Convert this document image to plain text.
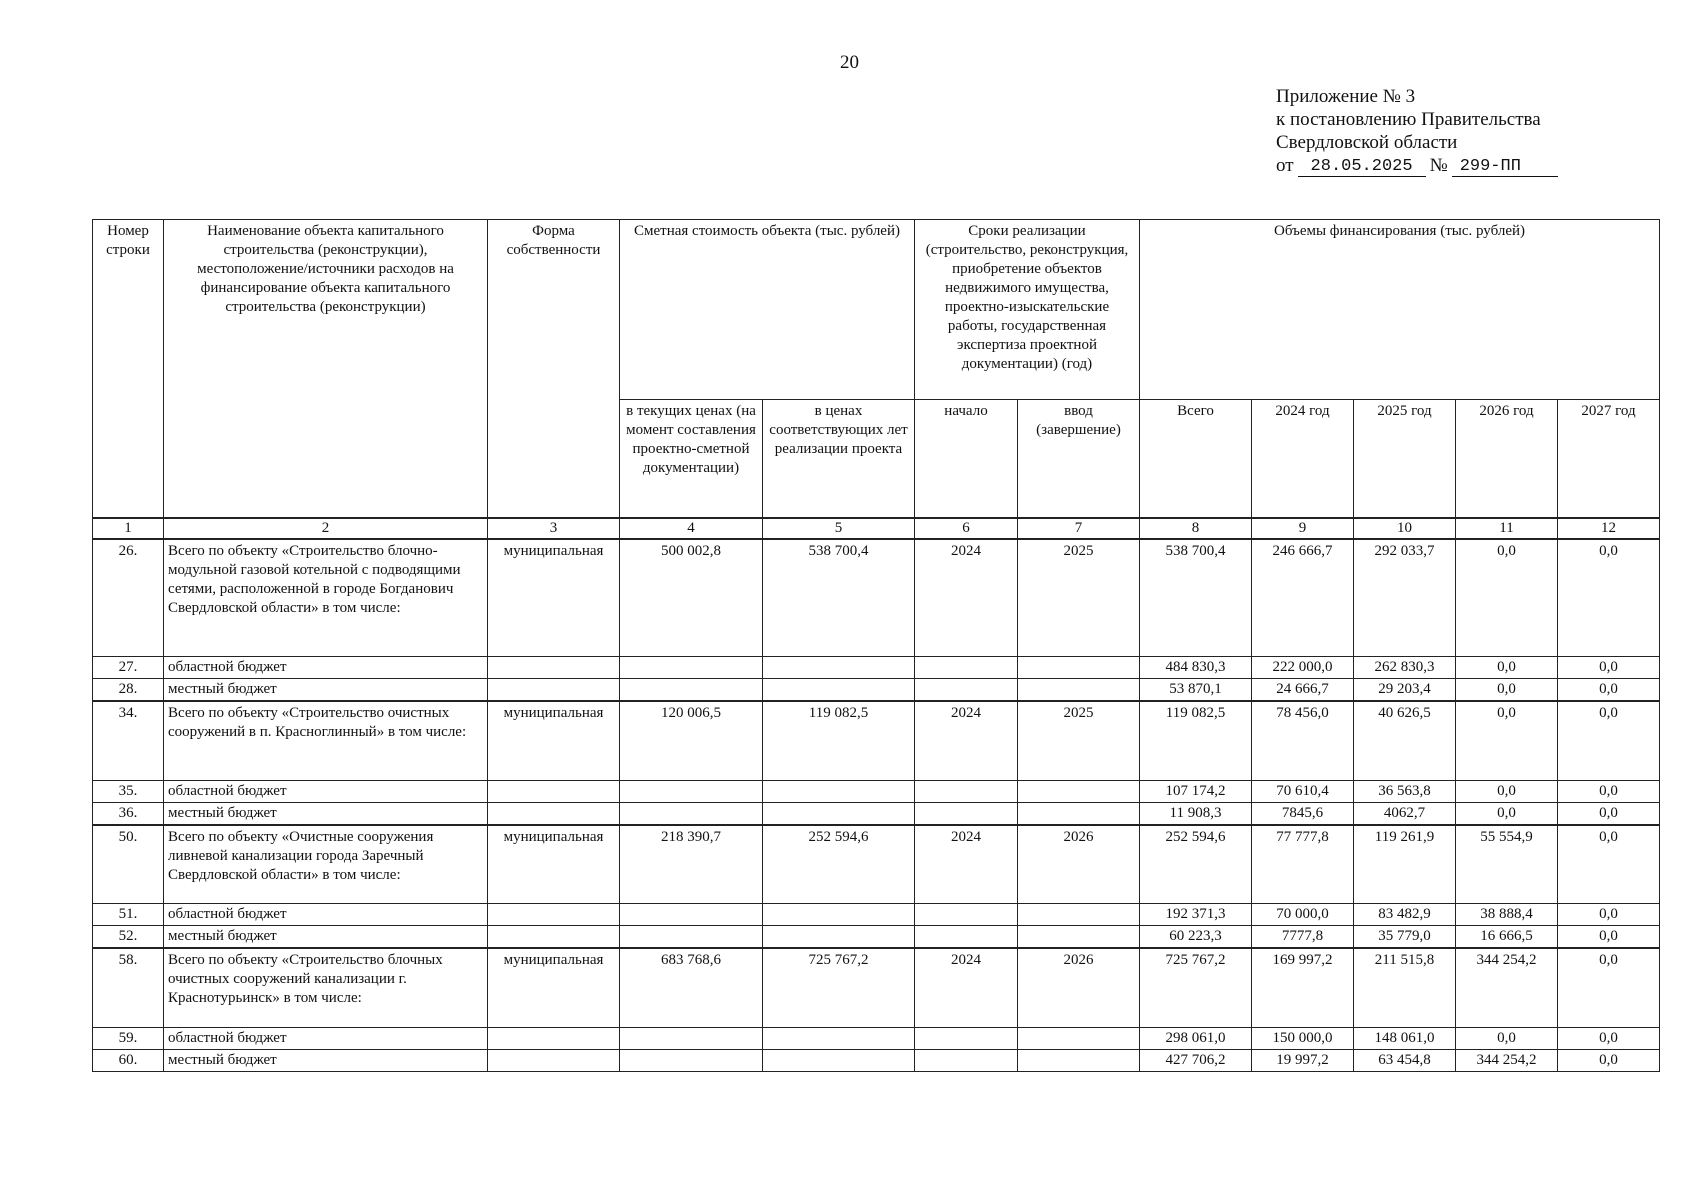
20
Приложение № 3
к постановлению Правительства
Свердловской области
от 28.05.2025 № 299-ПП
Номер строки	Наименование объекта капитального строительства (реконструкции), местоположение/источники расходов на финансирование объекта капитального строительства (реконструкции)	Форма собственности	Сметная стоимость объекта (тыс. рублей)		Сроки реализации (строительство, реконструкция, приобретение объектов недвижимого имущества, проектно-изыскательские работы, государственная экспертиза проектной документации) (год)		Объемы финансирования (тыс. рублей)				
			в текущих ценах (на момент составления проектно-сметной документации)	в ценах соответствующих лет реализации проекта	начало	ввод (завершение)	Всего	2024 год	2025 год	2026 год	2027 год
1	2	3	4	5	6	7	8	9	10	11	12
26.	Всего по объекту «Строительство блочно-модульной газовой котельной с подводящими сетями, расположенной в городе Богданович Свердловской области» в том числе:	муниципальная	500 002,8	538 700,4	2024	2025	538 700,4	246 666,7	292 033,7	0,0	0,0
27.	областной бюджет						484 830,3	222 000,0	262 830,3	0,0	0,0
28.	местный бюджет						53 870,1	24 666,7	29 203,4	0,0	0,0
34.	Всего по объекту «Строительство очистных сооружений в п. Красноглинный» в том числе:	муниципальная	120 006,5	119 082,5	2024	2025	119 082,5	78 456,0	40 626,5	0,0	0,0
35.	областной бюджет						107 174,2	70 610,4	36 563,8	0,0	0,0
36.	местный бюджет						11 908,3	7845,6	4062,7	0,0	0,0
50.	Всего по объекту «Очистные сооружения ливневой канализации города Заречный Свердловской области» в том числе:	муниципальная	218 390,7	252 594,6	2024	2026	252 594,6	77 777,8	119 261,9	55 554,9	0,0
51.	областной бюджет						192 371,3	70 000,0	83 482,9	38 888,4	0,0
52.	местный бюджет						60 223,3	7777,8	35 779,0	16 666,5	0,0
58.	Всего по объекту «Строительство блочных очистных сооружений канализации г. Краснотурьинск» в том числе:	муниципальная	683 768,6	725 767,2	2024	2026	725 767,2	169 997,2	211 515,8	344 254,2	0,0
59.	областной бюджет						298 061,0	150 000,0	148 061,0	0,0	0,0
60.	местный бюджет						427 706,2	19 997,2	63 454,8	344 254,2	0,0
